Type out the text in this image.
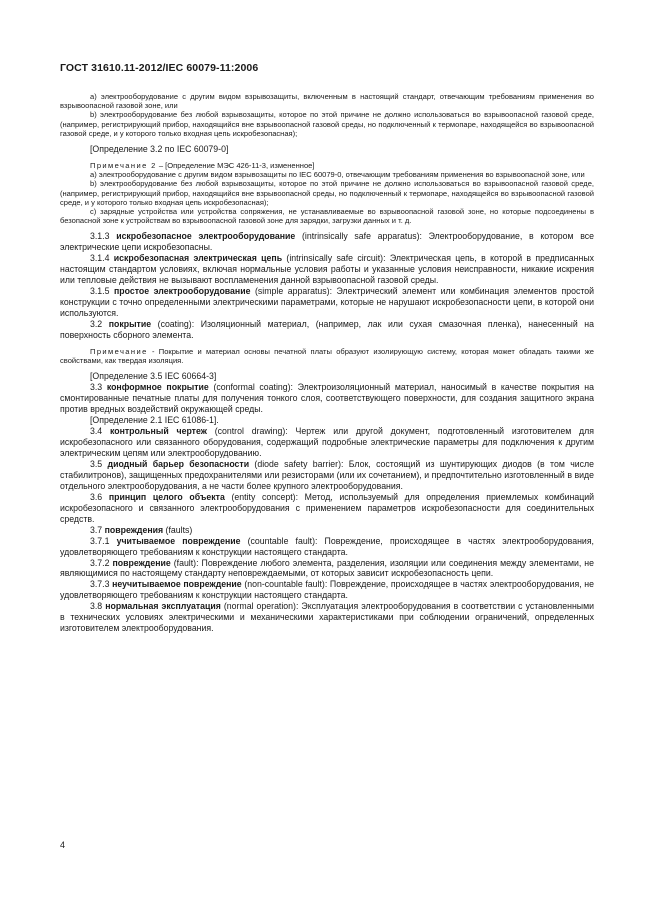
ГОСТ 31610.11-2012/IEC 60079-11:2006

a) электрооборудование с другим видом взрывозащиты, включенным в настоящий стандарт, отвечающим требованиям применения во взрывоопасной газовой зоне, или

b) электрооборудование без любой взрывозащиты, которое по этой причине не должно использоваться во взрывоопасной газовой среде, (например, регистрирующий прибор, находящийся вне взрывоопасной газовой среды, но подключенный к термопаре, находящейся во взрывоопасной газовой среде, и у которого только входная цепь искробезопасная);

[Определение 3.2 по IEC 60079-0]

Примечание 2 – [Определение МЭС 426-11-3, измененное]

a) электрооборудование с другим видом взрывозащиты по IEC 60079-0, отвечающим требованиям применения во взрывоопасной зоне, или

b) электрооборудование без любой взрывозащиты, которое по этой причине не должно использоваться во взрывоопасной газовой среде, (например, регистрирующий прибор, находящийся вне взрывоопасной среды, но подключенный к термопаре, находящейся во взрывоопасной газовой среде, и у которого только входная цепь искробезопасная);

c) зарядные устройства или устройства сопряжения, не устанавливаемые во взрывоопасной газовой зоне, но которые подсоединены в безопасной зоне к устройствам во взрывоопасной газовой зоне для зарядки, загрузки данных и т. д.

3.1.3 искробезопасное электрооборудование (intrinsically safe apparatus): Электрооборудование, в котором все электрические цепи искробезопасны.

3.1.4 искробезопасная электрическая цепь (intrinsically safe circuit): Электрическая цепь, в которой в предписанных настоящим стандартом условиях, включая нормальные условия работы и указанные условия неисправности, никакие искрения или тепловые действия не вызывают воспламенения данной взрывоопасной газовой среды.

3.1.5 простое электрооборудование (simple apparatus): Электрический элемент или комбинация элементов простой конструкции с точно определенными электрическими параметрами, которые не нарушают искробезопасности цепи, в которой они используются.

3.2 покрытие (coating): Изоляционный материал, (например, лак или сухая смазочная пленка), нанесенный на поверхность сборного элемента.

Примечание - Покрытие и материал основы печатной платы образуют изолирующую систему, которая может обладать такими же свойствами, как твердая изоляция.

[Определение 3.5 IEC 60664-3]

3.3 конформное покрытие (conformal coating): Электроизоляционный материал, наносимый в качестве покрытия на смонтированные печатные платы для получения тонкого слоя, соответствующего поверхности, для создания защитного экрана против вредных воздействий окружающей среды.

[Определение 2.1 IEC 61086-1].

3.4 контрольный чертеж (control drawing): Чертеж или другой документ, подготовленный изготовителем для искробезопасного или связанного оборудования, содержащий подробные электрические параметры для подключения к другим электрическим цепям или электрооборудованию.

3.5 диодный барьер безопасности (diode safety barrier): Блок, состоящий из шунтирующих диодов (в том числе стабилитронов), защищенных предохранителями или резисторами (или их сочетанием), и предпочтительно изготовленный в виде отдельного электрооборудования, а не части более крупного электрооборудования.

3.6 принцип целого объекта (entity concept): Метод, используемый для определения приемлемых комбинаций искробезопасного и связанного электрооборудования с применением параметров искробезопасности для соединительных средств.

3.7 повреждения (faults)

3.7.1 учитываемое повреждение (countable fault): Повреждение, происходящее в частях электрооборудования, удовлетворяющего требованиям к конструкции настоящего стандарта.

3.7.2 повреждение (fault): Повреждение любого элемента, разделения, изоляции или соединения между элементами, не являющимися по настоящему стандарту неповреждаемыми, от которых зависит искробезопасность цепи.

3.7.3 неучитываемое повреждение (non-countable fault): Повреждение, происходящее в частях электрооборудования, не удовлетворяющего требованиям к конструкции настоящего стандарта.

3.8 нормальная эксплуатация (normal operation): Эксплуатация электрооборудования в соответствии с установленными в технических условиях электрическими и механическими характеристиками при соблюдении ограничений, определенных изготовителем электрооборудования.

4
